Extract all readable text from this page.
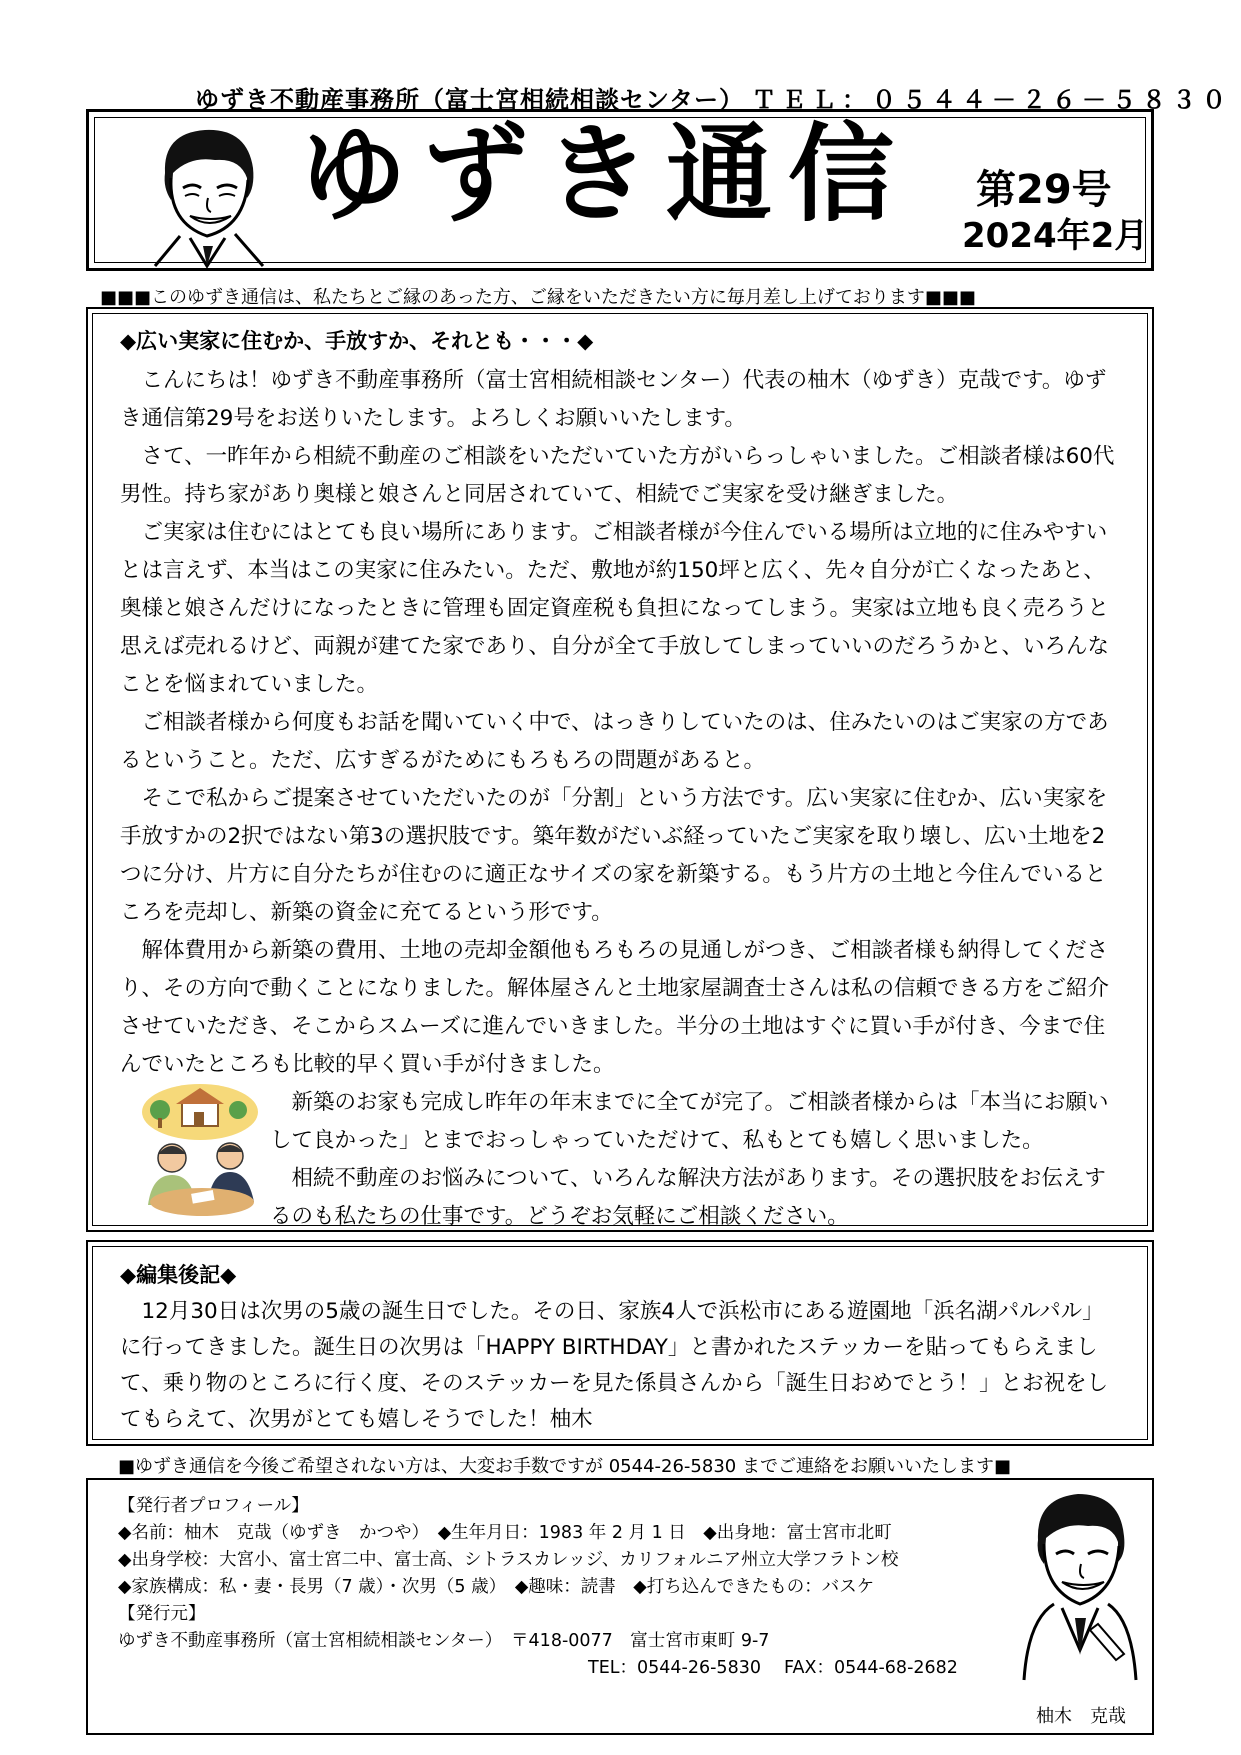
ゆずき不動産事務所（富士宮相続相談センター） ＴＥＬ：０５４４－２６－５８３０
ゆずき通信 第29号
2024年2月
■■■このゆずき通信は、私たちとご縁のあった方、ご縁をいただきたい方に毎月差し上げております■■■
◆広い実家に住むか、手放すか、それとも・・・◆

こんにちは！ゆずき不動産事務所（富士宮相続相談センター）代表の柚木（ゆずき）克哉です。ゆずき通信第29号をお送りいたします。よろしくお願いいたします。

さて、一昨年から相続不動産のご相談をいただいていた方がいらっしゃいました。ご相談者様は60代男性。持ち家があり奥様と娘さんと同居されていて、相続でご実家を受け継ぎました。

ご実家は住むにはとても良い場所にあります。ご相談者様が今住んでいる場所は立地的に住みやすいとは言えず、本当はこの実家に住みたい。ただ、敷地が約150坪と広く、先々自分が亡くなったあと、奥様と娘さんだけになったときに管理も固定資産税も負担になってしまう。実家は立地も良く売ろうと思えば売れるけど、両親が建てた家であり、自分が全て手放してしまっていいのだろうかと、いろんなことを悩まれていました。

ご相談者様から何度もお話を聞いていく中で、はっきりしていたのは、住みたいのはご実家の方であるということ。ただ、広すぎるがためにもろもろの問題があると。

そこで私からご提案させていただいたのが「分割」という方法です。広い実家に住むか、広い実家を手放すかの2択ではない第3の選択肢です。築年数がだいぶ経っていたご実家を取り壊し、広い土地を2つに分け、片方に自分たちが住むのに適正なサイズの家を新築する。もう片方の土地と今住んでいるところを売却し、新築の資金に充てるという形です。

解体費用から新築の費用、土地の売却金額他もろもろの見通しがつき、ご相談者様も納得してくださり、その方向で動くことになりました。解体屋さんと土地家屋調査士さんは私の信頼できる方をご紹介させていただき、そこからスムーズに進んでいきました。半分の土地はすぐに買い手が付き、今まで住んでいたところも比較的早く買い手が付きました。

新築のお家も完成し昨年の年末までに全てが完了。ご相談者様からは「本当にお願いして良かった」とまでおっしゃっていただけて、私もとても嬉しく思いました。

相続不動産のお悩みについて、いろんな解決方法があります。その選択肢をお伝えするのも私たちの仕事です。どうぞお気軽にご相談ください。

◆編集後記◆

12月30日は次男の5歳の誕生日でした。その日、家族4人で浜松市にある遊園地「浜名湖パルパル」に行ってきました。誕生日の次男は「HAPPY BIRTHDAY」と書かれたステッカーを貼ってもらえまして、乗り物のところに行く度、そのステッカーを見た係員さんから「誕生日おめでとう！」とお祝をしてもらえて、次男がとても嬉しそうでした！柚木

■ゆずき通信を今後ご希望されない方は、大変お手数ですが 0544-26-5830 までご連絡をお願いいたします■
【発行者プロフィール】
◆名前：柚木　克哉（ゆずき　かつや）　◆生年月日：1983 年 2 月 1 日　◆出身地：富士宮市北町
◆出身学校：大宮小、富士宮二中、富士高、シトラスカレッジ、カリフォルニア州立大学フラトン校
◆家族構成：私・妻・長男（7 歳）・次男（5 歳）　◆趣味：読書　◆打ち込んできたもの：バスケ
【発行元】
ゆずき不動産事務所（富士宮相続相談センター）　〒418-0077　富士宮市東町 9-7
TEL：0544-26-5830　 FAX：0544-68-2682
柚木　克哉
